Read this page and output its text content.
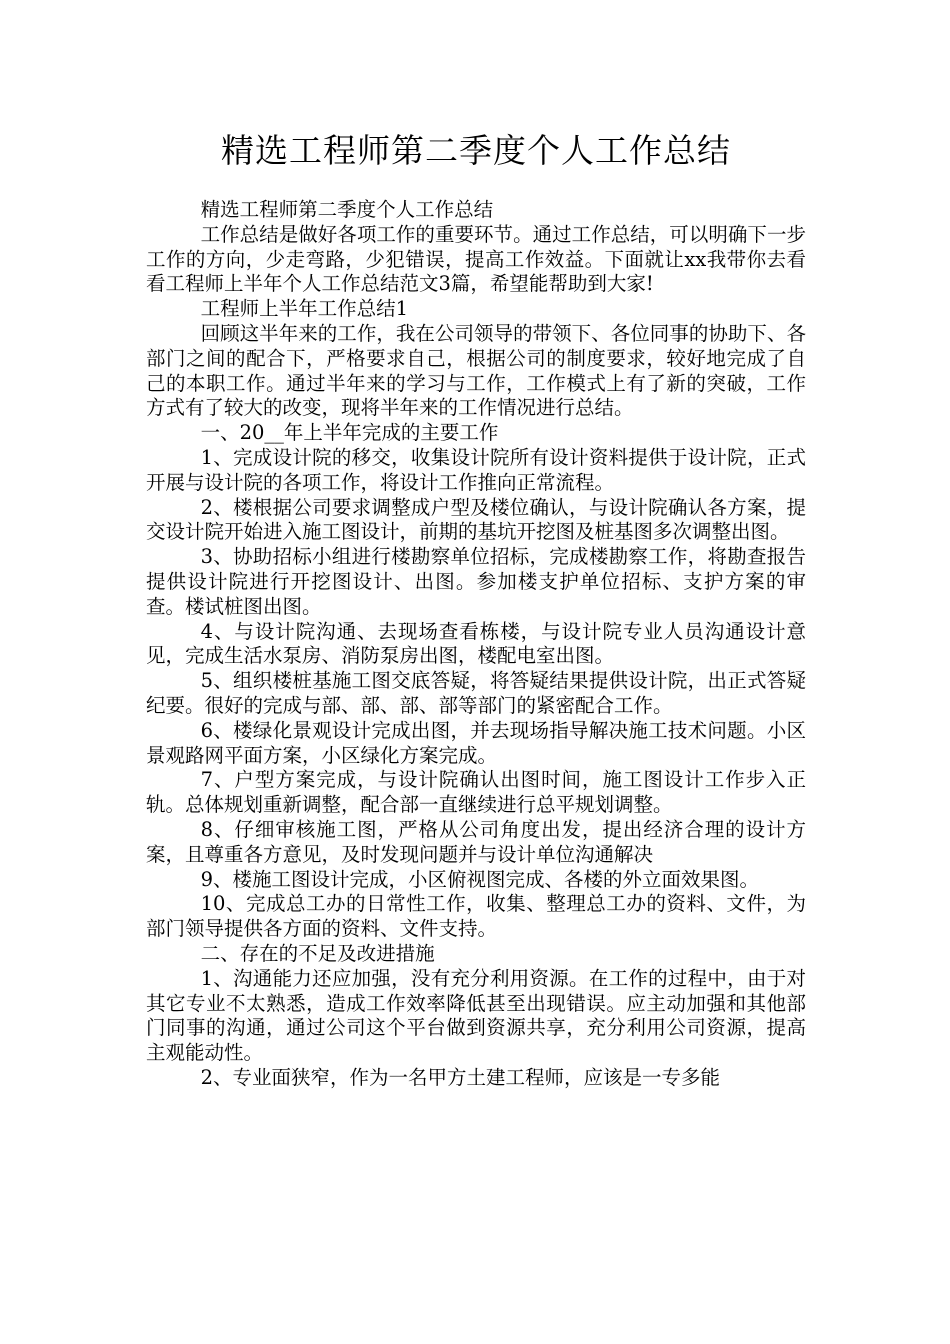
精选工程师第二季度个人工作总结

精选工程师第二季度个人工作总结

工作总结是做好各项工作的重要环节。通过工作总结，可以明确下一步工作的方向，少走弯路，少犯错误，提高工作效益。下面就让xx我带你去看看工程师上半年个人工作总结范文3篇，希望能帮助到大家!

工程师上半年工作总结1

回顾这半年来的工作，我在公司领导的带领下、各位同事的协助下、各部门之间的配合下，严格要求自己，根据公司的制度要求，较好地完成了自己的本职工作。通过半年来的学习与工作，工作模式上有了新的突破，工作方式有了较大的改变，现将半年来的工作情况进行总结。

一、20__年上半年完成的主要工作

1、完成设计院的移交，收集设计院所有设计资料提供于设计院，正式开展与设计院的各项工作，将设计工作推向正常流程。

2、楼根据公司要求调整成户型及楼位确认，与设计院确认各方案，提交设计院开始进入施工图设计，前期的基坑开挖图及桩基图多次调整出图。

3、协助招标小组进行楼勘察单位招标，完成楼勘察工作，将勘查报告提供设计院进行开挖图设计、出图。参加楼支护单位招标、支护方案的审查。楼试桩图出图。

4、与设计院沟通、去现场查看栋楼，与设计院专业人员沟通设计意见，完成生活水泵房、消防泵房出图，楼配电室出图。

5、组织楼桩基施工图交底答疑，将答疑结果提供设计院，出正式答疑纪要。很好的完成与部、部、部、部等部门的紧密配合工作。

6、楼绿化景观设计完成出图，并去现场指导解决施工技术问题。小区景观路网平面方案，小区绿化方案完成。

7、户型方案完成，与设计院确认出图时间，施工图设计工作步入正轨。总体规划重新调整，配合部一直继续进行总平规划调整。

8、仔细审核施工图，严格从公司角度出发，提出经济合理的设计方案，且尊重各方意见，及时发现问题并与设计单位沟通解决

9、楼施工图设计完成，小区俯视图完成、各楼的外立面效果图。

10、完成总工办的日常性工作，收集、整理总工办的资料、文件，为部门领导提供各方面的资料、文件支持。

二、存在的不足及改进措施

1、沟通能力还应加强，没有充分利用资源。在工作的过程中，由于对其它专业不太熟悉，造成工作效率降低甚至出现错误。应主动加强和其他部门同事的沟通，通过公司这个平台做到资源共享，充分利用公司资源，提高主观能动性。

2、专业面狭窄，作为一名甲方土建工程师，应该是一专多能
